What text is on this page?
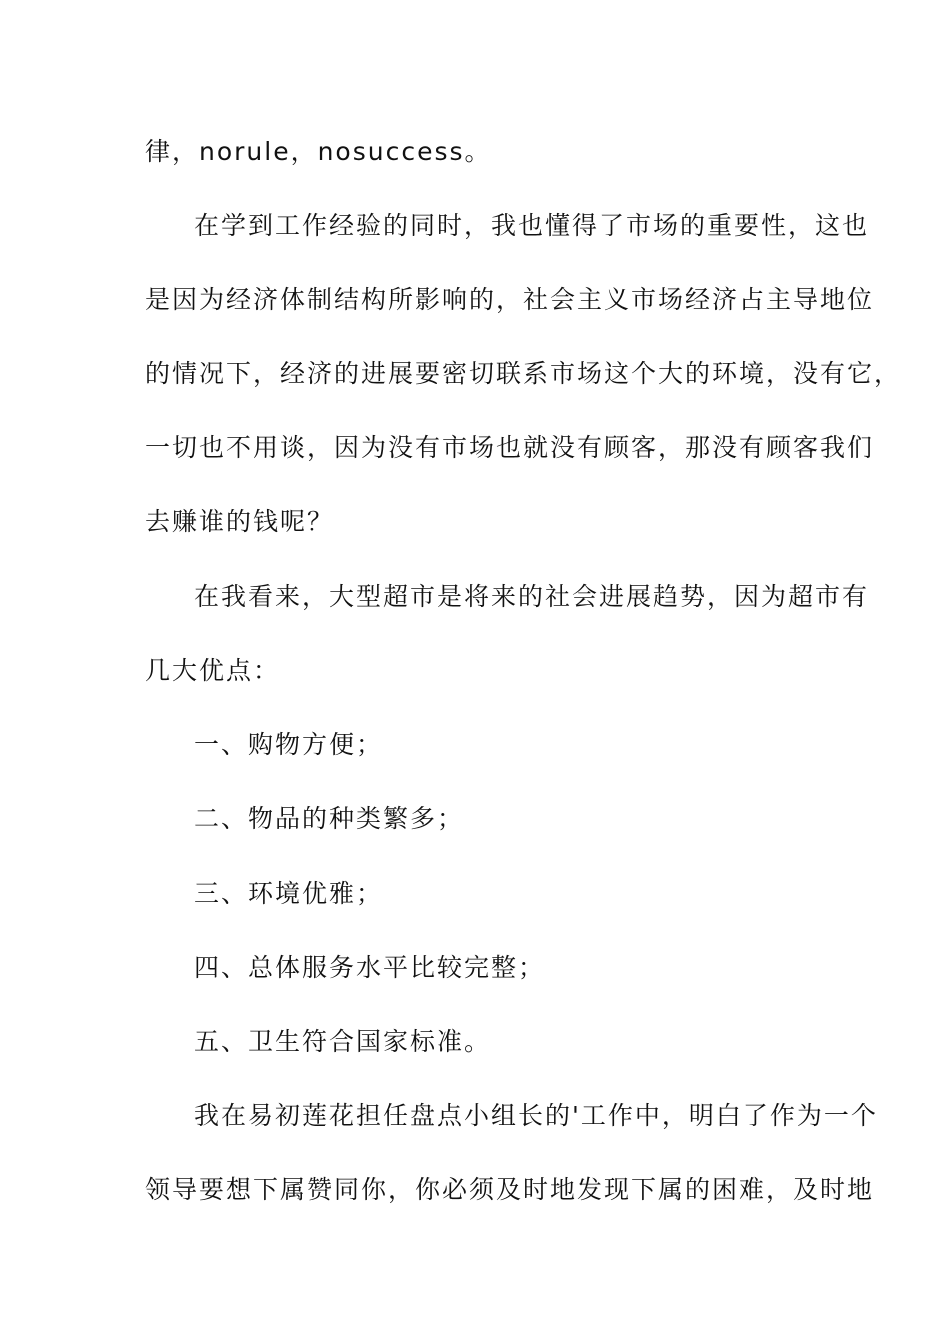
律，norule，nosuccess。
在学到工作经验的同时，我也懂得了市场的重要性，这也
是因为经济体制结构所影响的，社会主义市场经济占主导地位
的情况下，经济的进展要密切联系市场这个大的环境，没有它，
一切也不用谈，因为没有市场也就没有顾客，那没有顾客我们
去赚谁的钱呢？
在我看来，大型超市是将来的社会进展趋势，因为超市有
几大优点：
一、购物方便；
二、物品的种类繁多；
三、环境优雅；
四、总体服务水平比较完整；
五、卫生符合国家标准。
我在易初莲花担任盘点小组长的'工作中，明白了作为一个
领导要想下属赞同你，你必须及时地发现下属的困难，及时地
